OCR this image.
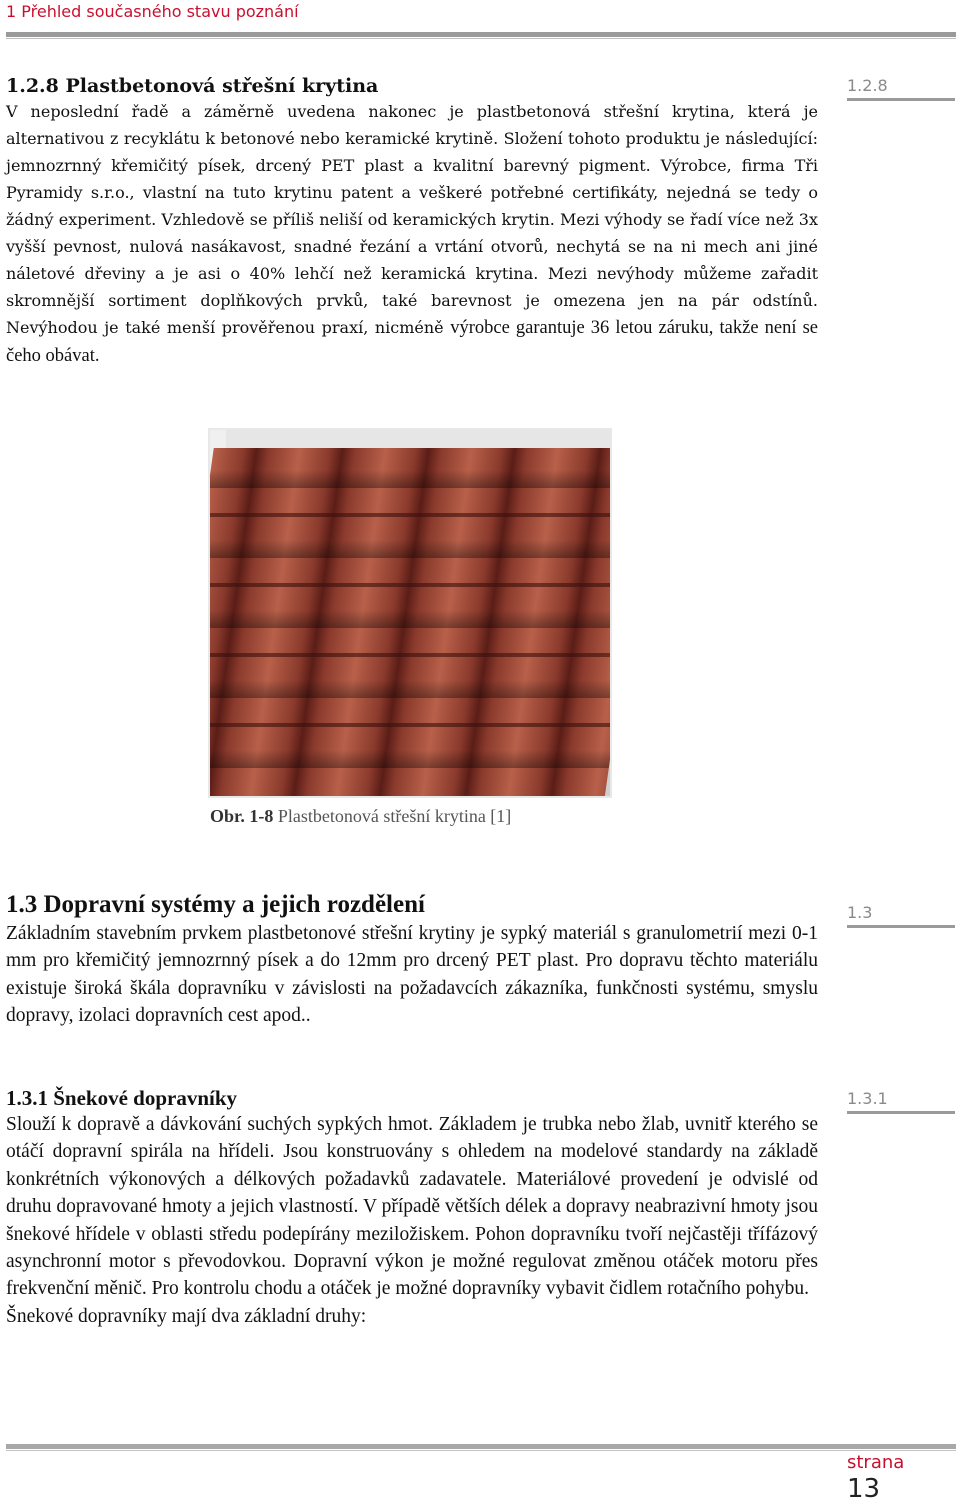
1 Přehled současného stavu poznání
1.2.8 Plastbetonová střešní krytina

V neposlední řadě a záměrně uvedena nakonec je plastbetonová střešní krytina, která je alternativou z recyklátu k betonové nebo keramické krytině. Složení tohoto produktu je následující: jemnozrnný křemičitý písek, drcený PET plast a kvalitní barevný pigment. Výrobce, firma Tři Pyramidy s.r.o., vlastní na tuto krytinu patent a veškeré potřebné certifikáty, nejedná se tedy o žádný experiment. Vzhledově se příliš neliší od keramických krytin. Mezi výhody se řadí více než 3x vyšší pevnost, nulová nasákavost, snadné řezání a vrtání otvorů, nechytá se na ni mech ani jiné náletové dřeviny a je asi o 40% lehčí než keramická krytina. Mezi nevýhody můžeme zařadit skromnější sortiment doplňkových prvků, také barevnost je omezena jen na pár odstínů. Nevýhodou je také menší prověřenou praxí, nicméně výrobce garantuje 36 letou záruku, takže není se čeho obávat.

1.2.8
Obr. 1-8 Plastbetonová střešní krytina [1]
1.3 Dopravní systémy a jejich rozdělení

Základním stavebním prvkem plastbetonové střešní krytiny je sypký materiál s granulometrií mezi 0-1 mm pro křemičitý jemnozrnný písek a do 12mm pro drcený PET plast. Pro dopravu těchto materiálu existuje široká škála dopravníku v závislosti na požadavcích zákazníka, funkčnosti systému, smyslu dopravy, izolaci dopravních cest apod..

1.3
1.3.1 Šnekové dopravníky

Slouží k dopravě a dávkování suchých sypkých hmot. Základem je trubka nebo žlab, uvnitř kterého se otáčí dopravní spirála na hřídeli. Jsou konstruovány s ohledem na modelové standardy na základě konkrétních výkonových a délkových požadavků zadavatele. Materiálové provedení je odvislé od druhu dopravované hmoty a jejich vlastností. V případě větších délek a dopravy neabrazivní hmoty jsou šnekové hřídele v oblasti středu podepírány meziložiskem. Pohon dopravníku tvoří nejčastěji třífázový asynchronní motor s převodovkou. Dopravní výkon je možné regulovat změnou otáček motoru přes frekvenční měnič. Pro kontrolu chodu a otáček je možné dopravníky vybavit čidlem rotačního pohybu.

Šnekové dopravníky mají dva základní druhy:

1.3.1
strana
13
